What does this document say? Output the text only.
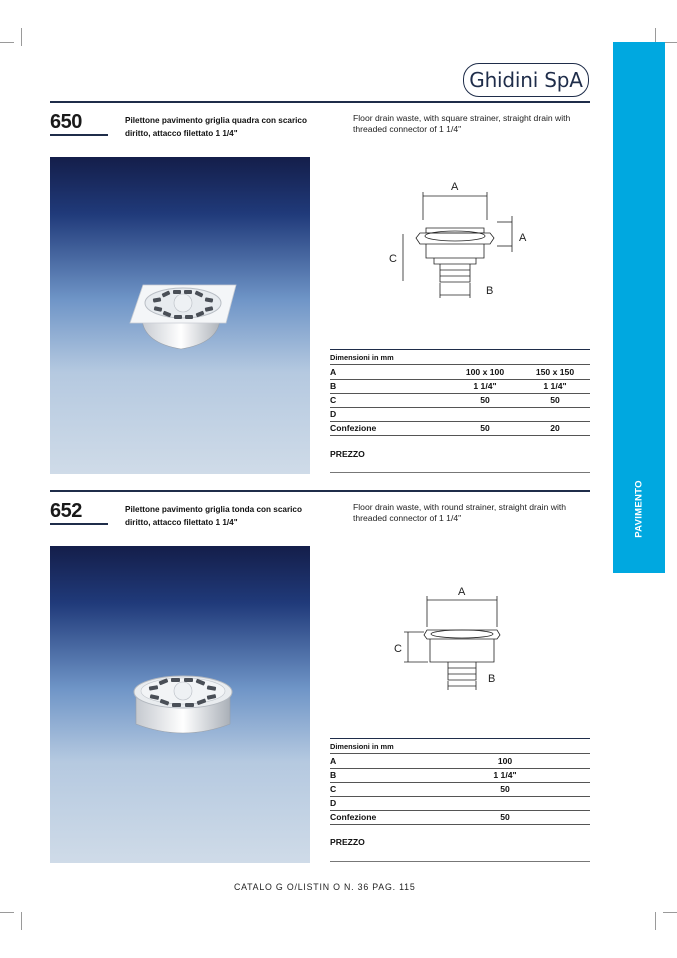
PAVIMENTO
Ghidini SpA
650	Pilettone pavimento griglia quadra con scarico diritto, attacco filettato 1 1/4"
Floor drain waste, with square strainer, straight drain with threaded connector of 1 1/4"
A
A
C
B
Dimensioni in mm
A	100 x 100	150 x 150
B	1 1/4"	1 1/4"
C	50	50
D
Confezione	50	20
PREZZO
652	Pilettone pavimento griglia tonda con scarico diritto, attacco filettato 1 1/4"
Floor drain waste, with round strainer, straight drain with threaded connector of 1 1/4"
A
C
B
Dimensioni in mm
A	100
B	1 1/4"
C	50
D
Confezione	50
PREZZO
CATALO G O/LISTIN O N. 36 PAG. 115
